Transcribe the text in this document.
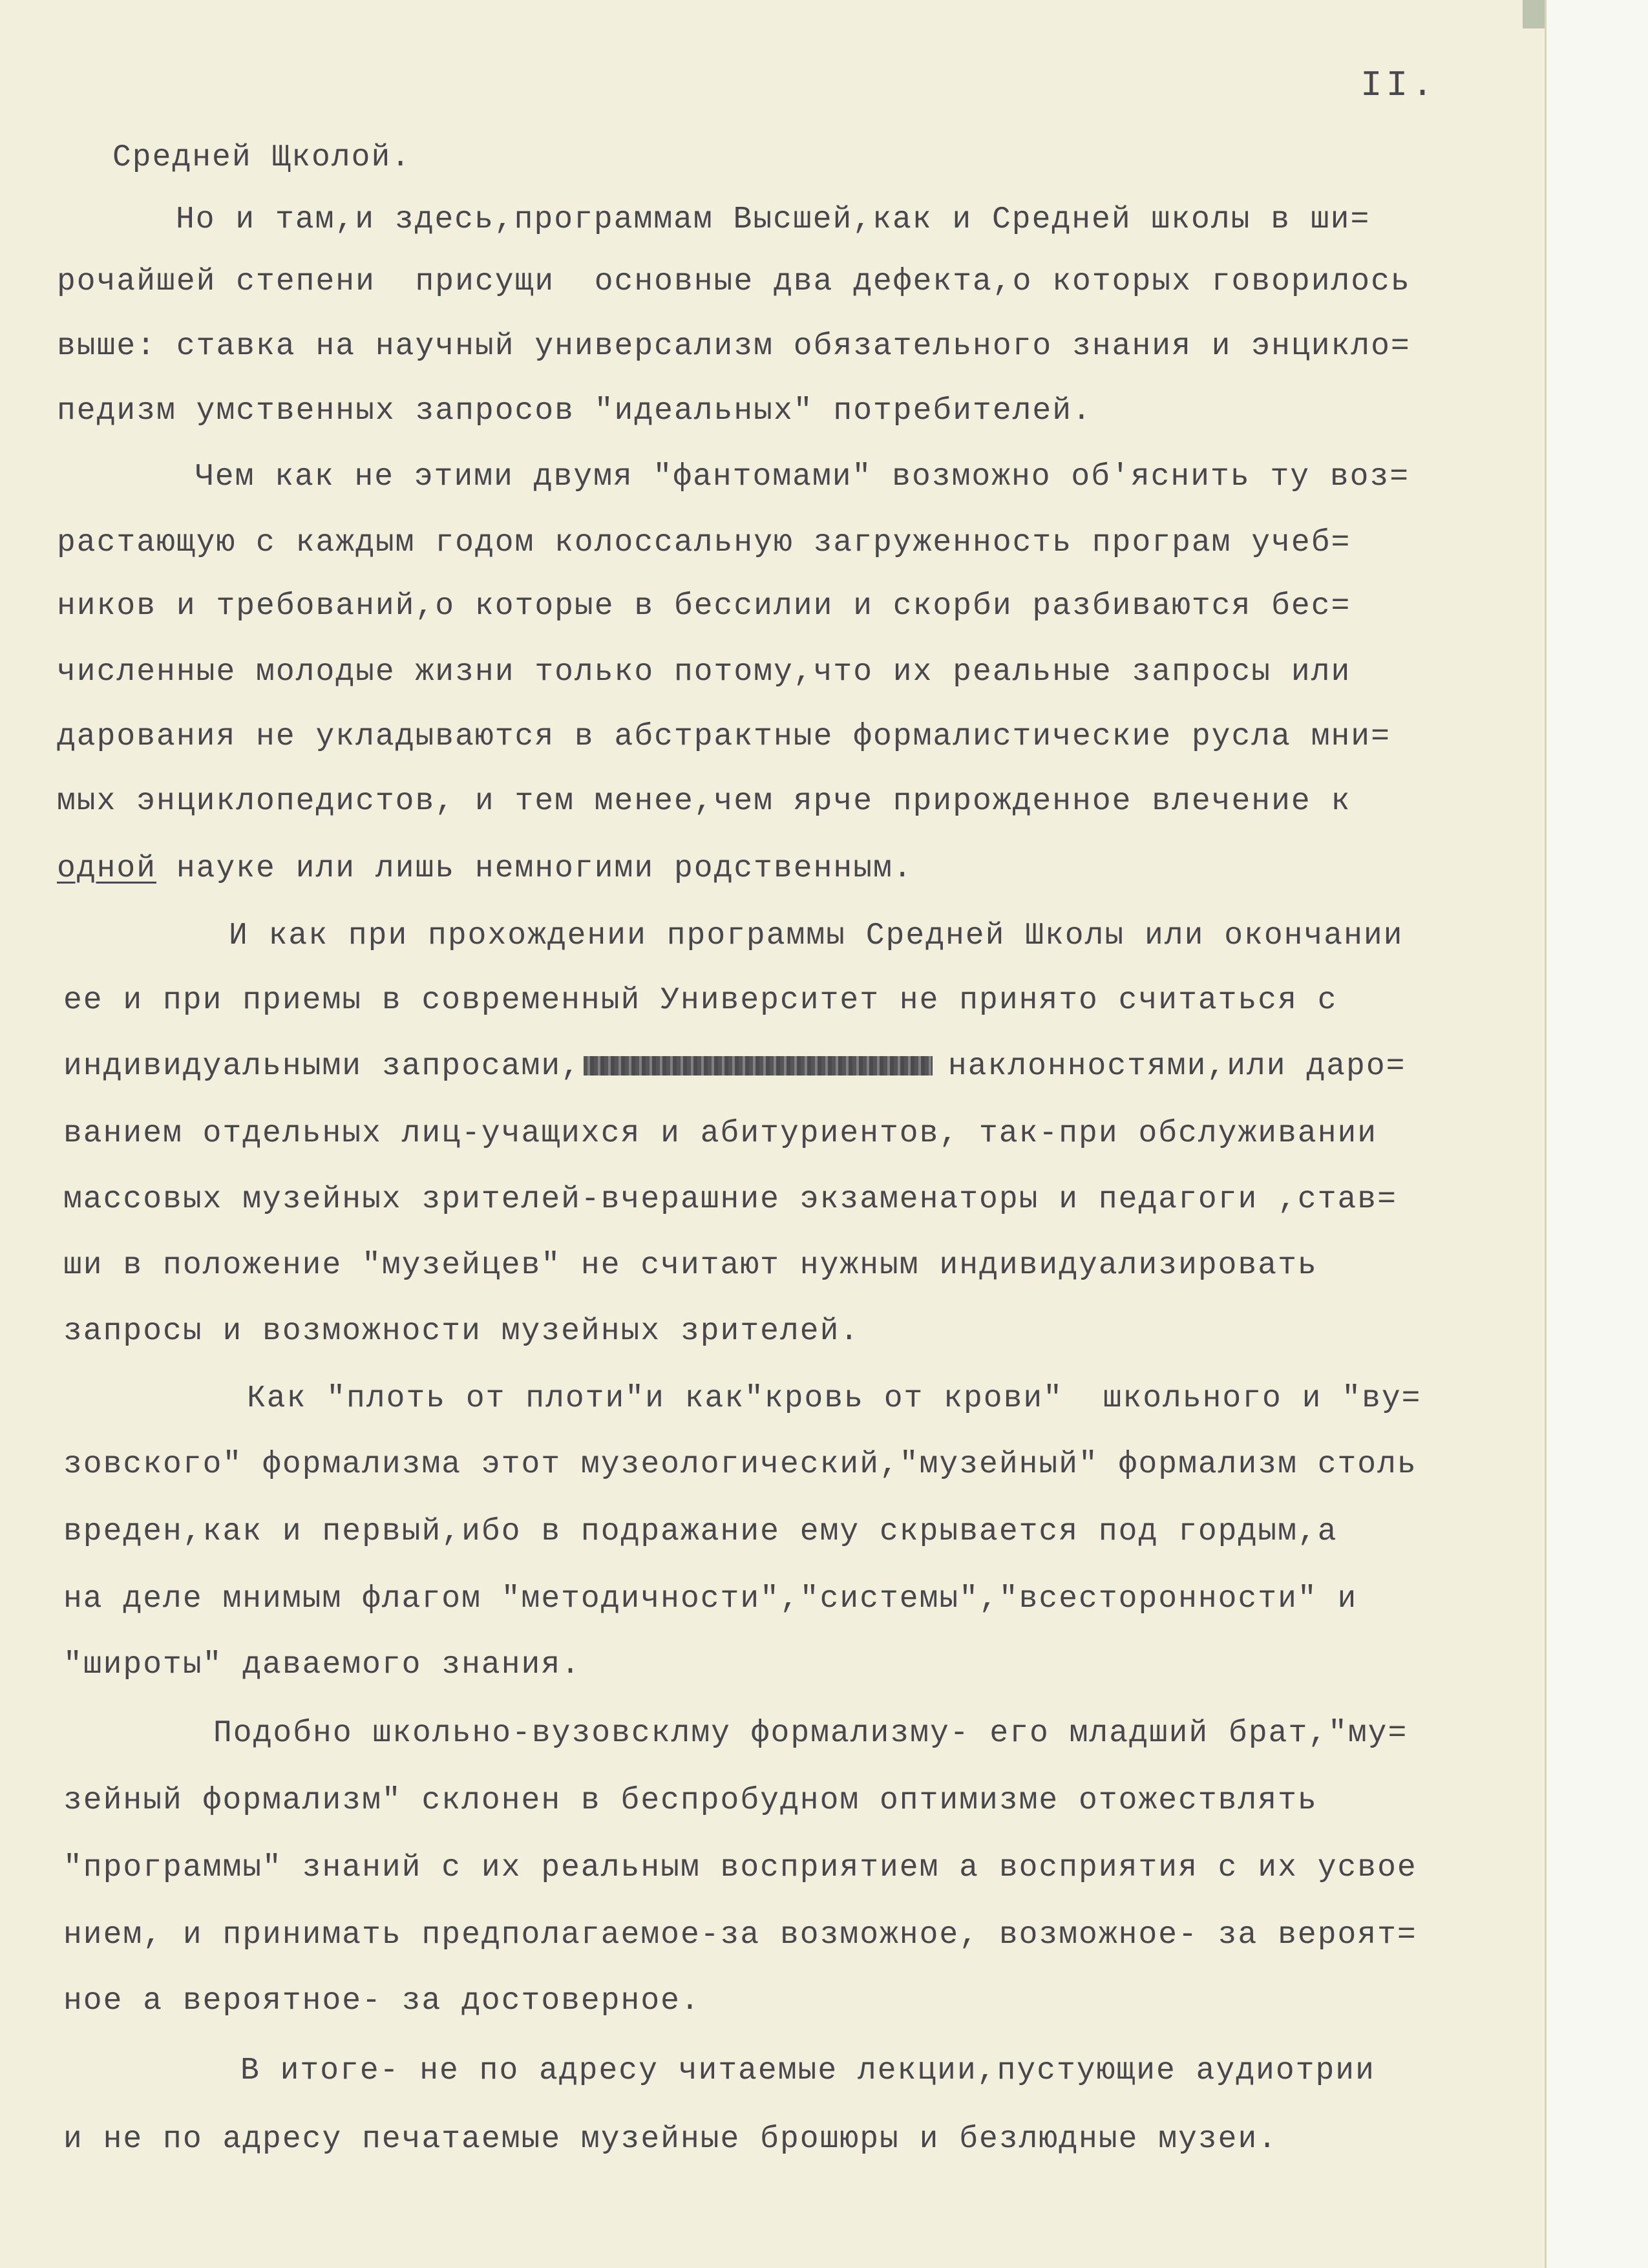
II.
Средней Щколой.
Но и там,и здесь,программам Высшей,как и Средней школы в ши=
рочайшей степени  присущи  основные два дефекта,о которых говорилось
выше: ставка на научный универсализм обязательного знания и энцикло=
педизм умственных запросов "идеальных" потребителей.
Чем как не этими двумя "фантомами" возможно об'яснить ту воз=
растающую с каждым годом колоссальную загруженность програм учеб=
ников и требований,о которые в бессилии и скорби разбиваются бес=
численные молодые жизни только потому,что их реальные запросы или
дарования не укладываются в абстрактные формалистические русла мни=
мых энциклопедистов, и тем менее,чем ярче прирожденное влечение к
одной науке или лишь немногими родственным.
И как при прохождении программы Средней Школы или окончании
ее и при приемы в современный Университет не принято считаться с
индивидуальными запросами,	наклонностями,или даро=
ванием отдельных лиц-учащихся и абитуриентов, так-при обслуживании
массовых музейных зрителей-вчерашние экзаменаторы и педагоги ,став=
ши в положение "музейцев" не считают нужным индивидуализировать
запросы и возможности музейных зрителей.
Как "плоть от плоти"и как"кровь от крови"  школьного и "ву=
зовского" формализма этот музеологический,"музейный" формализм столь
вреден,как и первый,ибо в подражание ему скрывается под гордым,а
на деле мнимым флагом "методичности","системы","всесторонности" и
"широты" даваемого знания.
Подобно школьно-вузовсклму формализму- его младший брат,"му=
зейный формализм" склонен в беспробудном оптимизме отожествлять
"программы" знаний с их реальным восприятием а восприятия с их усвое
нием, и принимать предполагаемое-за возможное, возможное- за вероят=
ное а вероятное- за достоверное.
В итоге- не по адресу читаемые лекции,пустующие аудиотрии
и не по адресу печатаемые музейные брошюры и безлюдные музеи.
